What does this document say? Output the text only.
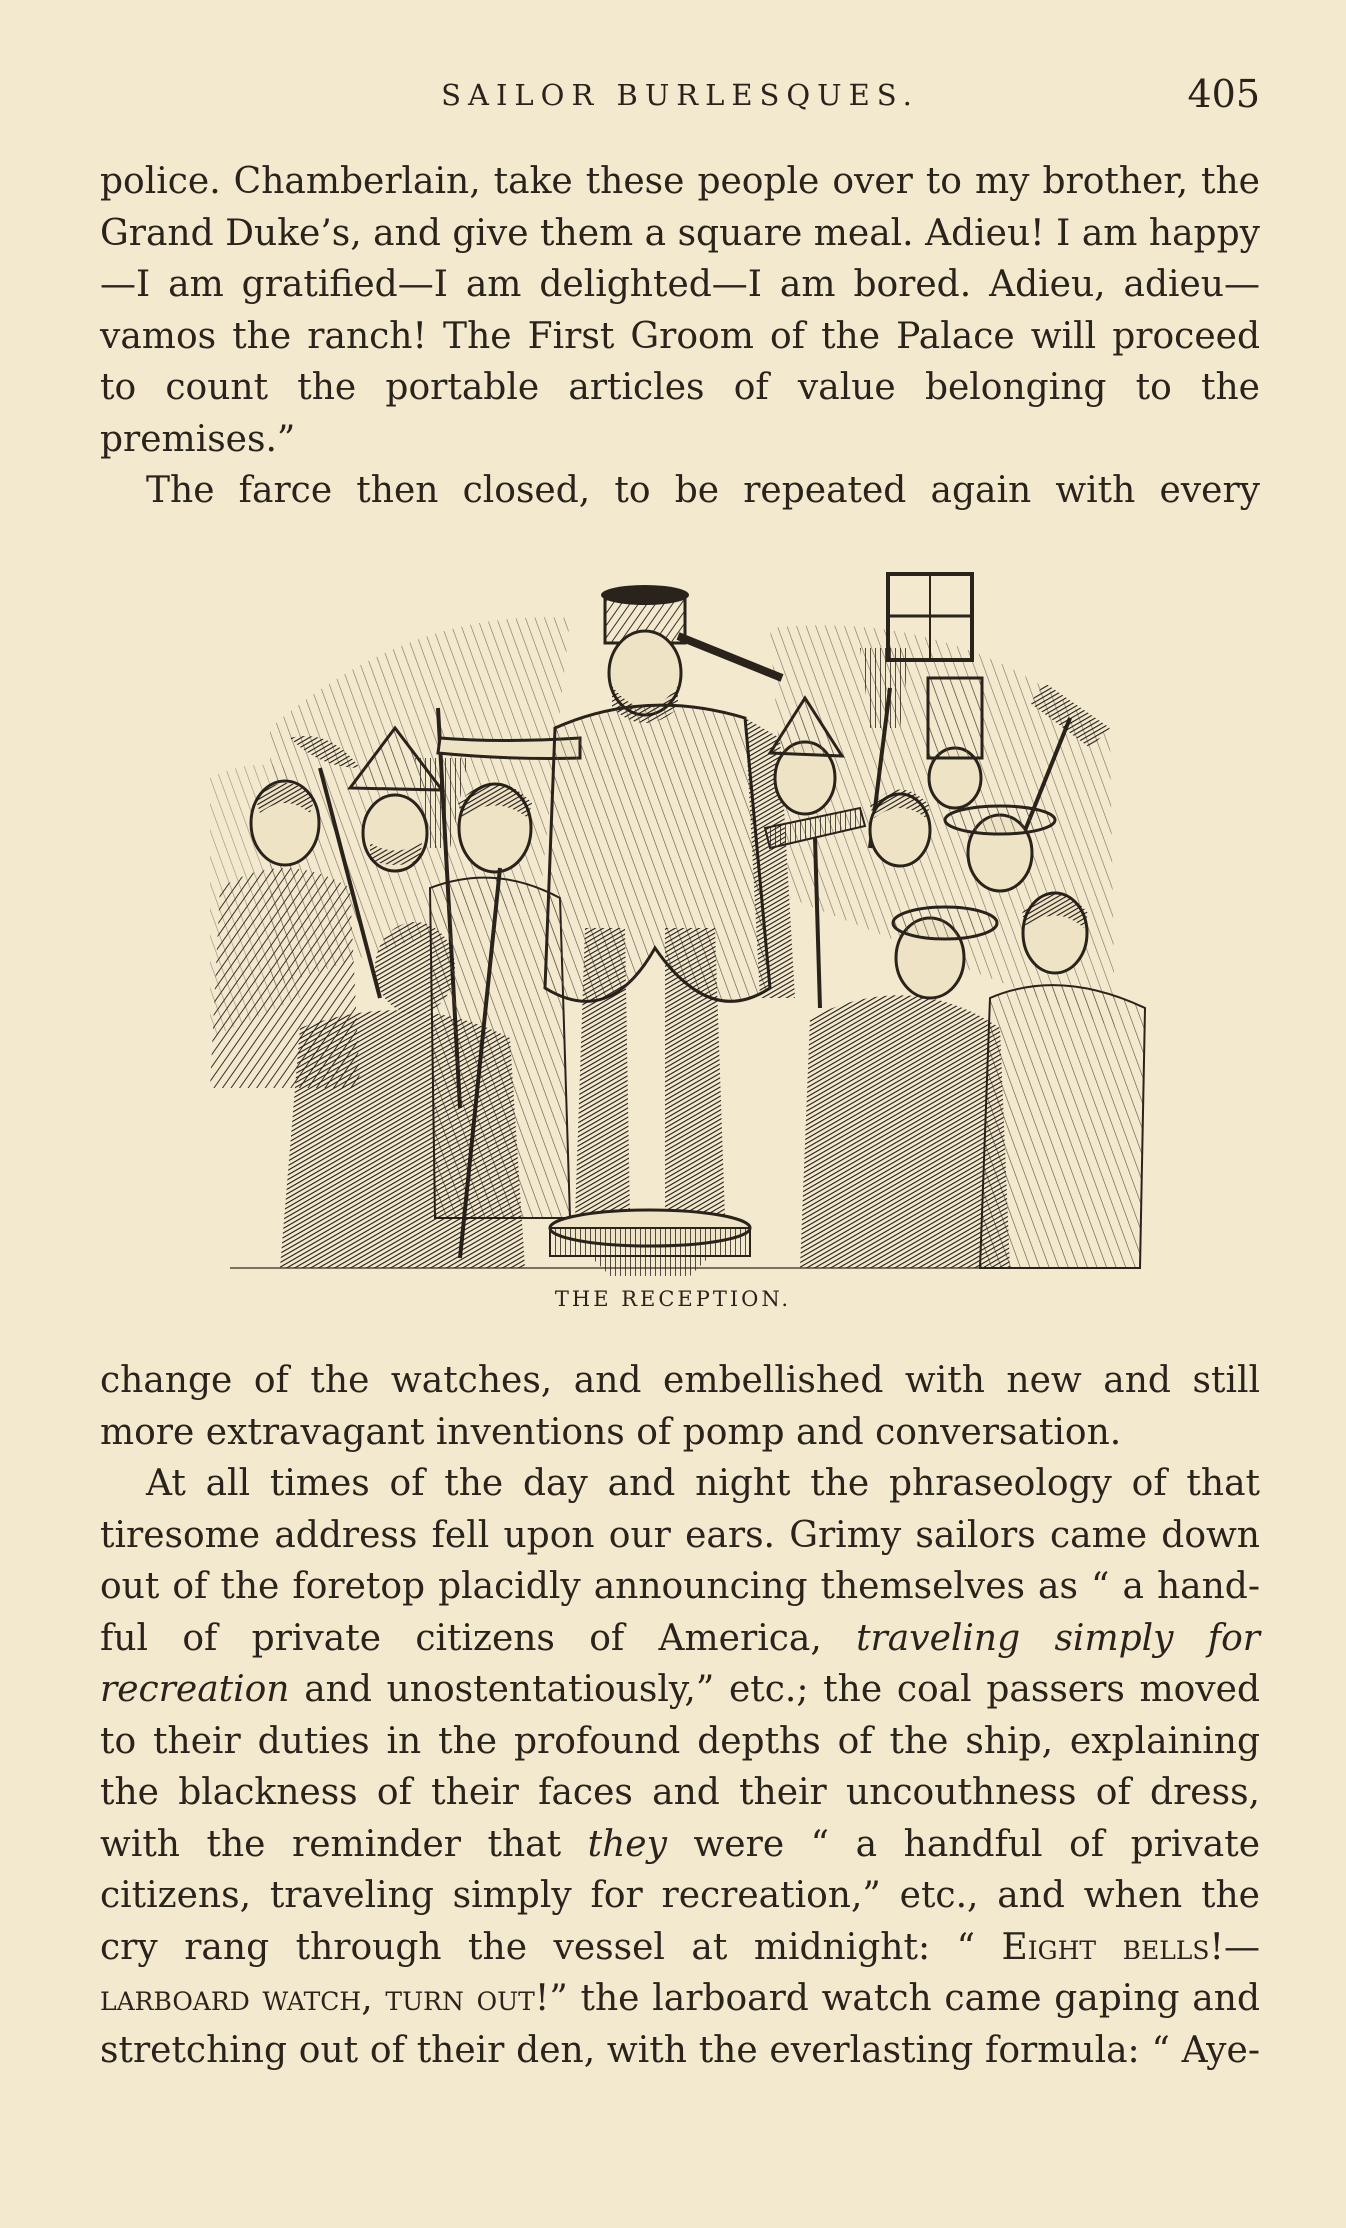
SAILOR BURLESQUES.	405

police. Chamberlain, take these people over to my brother, the Grand Duke’s, and give them a square meal. Adieu! I am happy—I am gratified—I am delighted—I am bored. Adieu, adieu—vamos the ranch! The First Groom of the Palace will proceed to count the portable articles of value belonging to the premises.”

The farce then closed, to be repeated again with every

THE RECEPTION.

change of the watches, and embellished with new and still more extravagant inventions of pomp and conversation.

At all times of the day and night the phraseology of that tiresome address fell upon our ears. Grimy sailors came down out of the foretop placidly announcing themselves as “ a hand-ful of private citizens of America, traveling simply for recreation and unostentatiously,” etc.; the coal passers moved to their duties in the profound depths of the ship, explaining the blackness of their faces and their uncouthness of dress, with the reminder that they were “ a handful of private citizens, traveling simply for recreation,” etc., and when the cry rang through the vessel at midnight: “ Eight bells!—larboard watch, turn out!” the larboard watch came gaping and stretching out of their den, with the everlasting formula: “ Aye-
